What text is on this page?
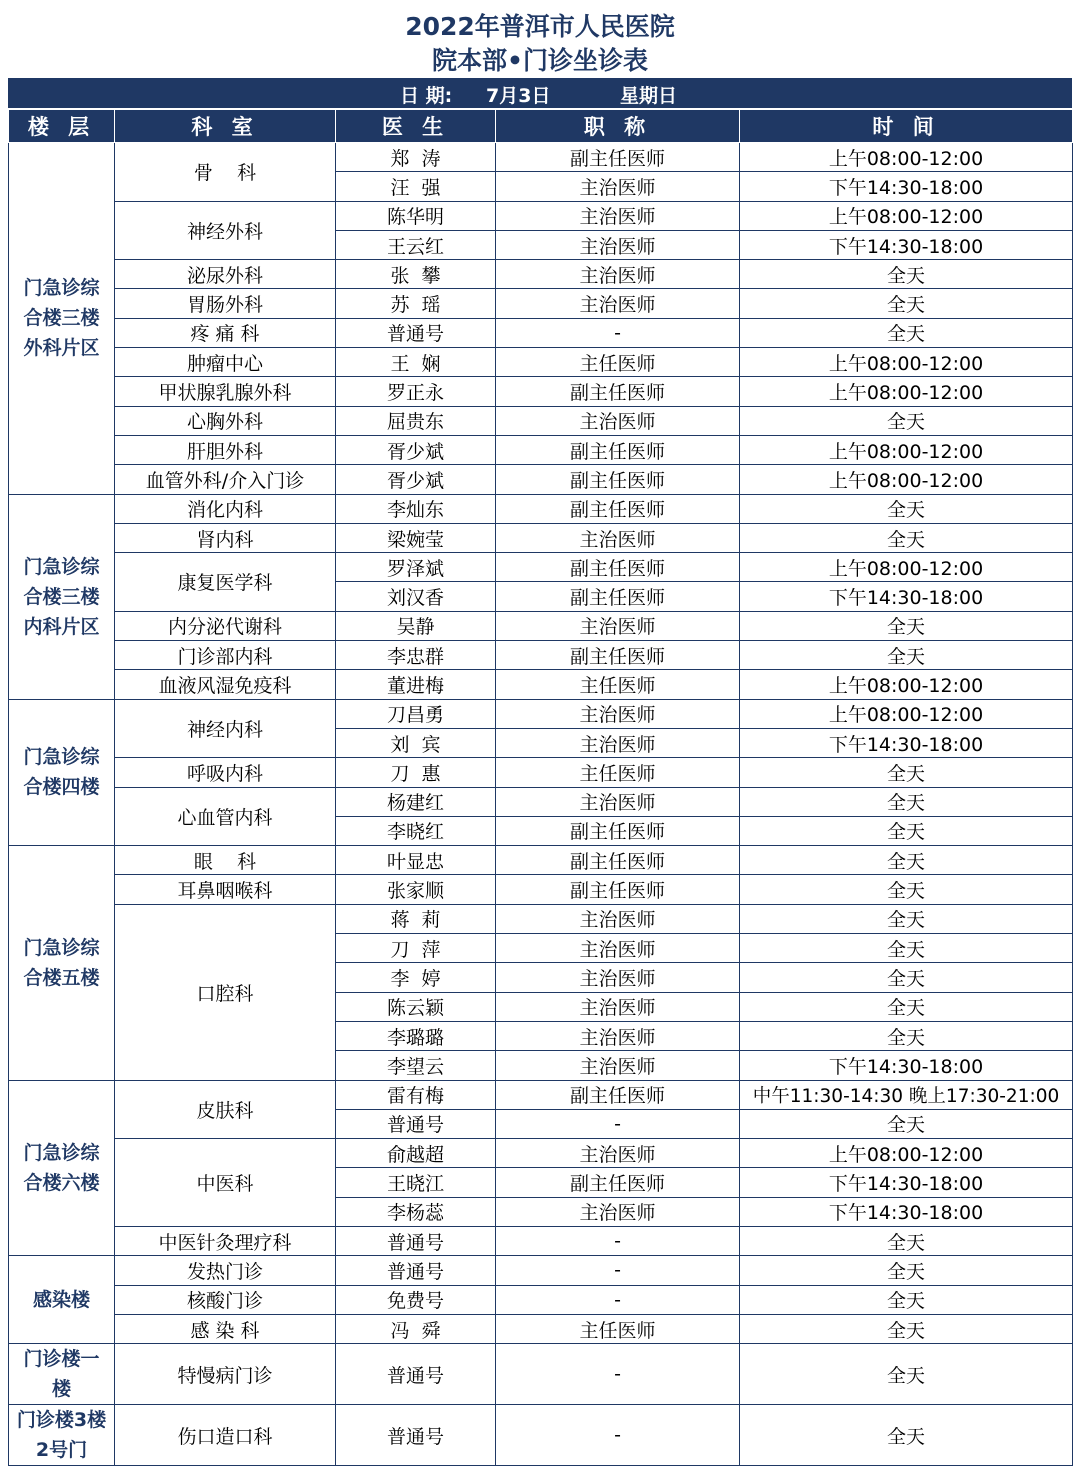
2022年普洱市人民医院
院本部•门诊坐诊表
日 期: 7月3日	星期日
楼 层	科 室	医 生	职 称	时 间

门急诊综
合楼三楼
外科片区	骨    科	郑  涛	副主任医师	上午08:00-12:00
		汪  强	主治医师	下午14:30-18:00
	神经外科	陈华明	主治医师	上午08:00-12:00
		王云红	主治医师	下午14:30-18:00
	泌尿外科	张  攀	主治医师	全天
	胃肠外科	苏  瑶	主治医师	全天
	疼 痛 科	普通号	-	全天
	肿瘤中心	王  娴	主任医师	上午08:00-12:00
	甲状腺乳腺外科	罗正永	副主任医师	上午08:00-12:00
	心胸外科	屈贵东	主治医师	全天
	肝胆外科	胥少斌	副主任医师	上午08:00-12:00
	血管外科/介入门诊	胥少斌	副主任医师	上午08:00-12:00

门急诊综
合楼三楼
内科片区	消化内科	李灿东	副主任医师	全天
	肾内科	梁婉莹	主治医师	全天
	康复医学科	罗泽斌	副主任医师	上午08:00-12:00
		刘汉香	副主任医师	下午14:30-18:00
	内分泌代谢科	吴静	主治医师	全天
	门诊部内科	李忠群	副主任医师	全天
	血液风湿免疫科	董进梅	主任医师	上午08:00-12:00

门急诊综
合楼四楼	神经内科	刀昌勇	主治医师	上午08:00-12:00
		刘  宾	主治医师	下午14:30-18:00
	呼吸内科	刀  惠	主任医师	全天
	心血管内科	杨建红	主治医师	全天
		李晓红	副主任医师	全天

门急诊综
合楼五楼	眼    科	叶显忠	副主任医师	全天
	耳鼻咽喉科	张家顺	副主任医师	全天
	口腔科	蒋  莉	主治医师	全天
		刀  萍	主治医师	全天
		李  婷	主治医师	全天
		陈云颖	主治医师	全天
		李璐璐	主治医师	全天
		李望云	主治医师	下午14:30-18:00

门急诊综
合楼六楼	皮肤科	雷有梅	副主任医师	中午11:30-14:30 晚上17:30-21:00
		普通号	-	全天
	中医科	俞越超	主治医师	上午08:00-12:00
		王晓江	副主任医师	下午14:30-18:00
		李杨蕊	主治医师	下午14:30-18:00
	中医针灸理疗科	普通号	-	全天

感染楼	发热门诊	普通号	-	全天
	核酸门诊	免费号	-	全天
	感 染 科	冯  舜	主任医师	全天

门诊楼一
楼	特慢病门诊	普通号	-	全天

门诊楼3楼
2号门	伤口造口科	普通号	-	全天
